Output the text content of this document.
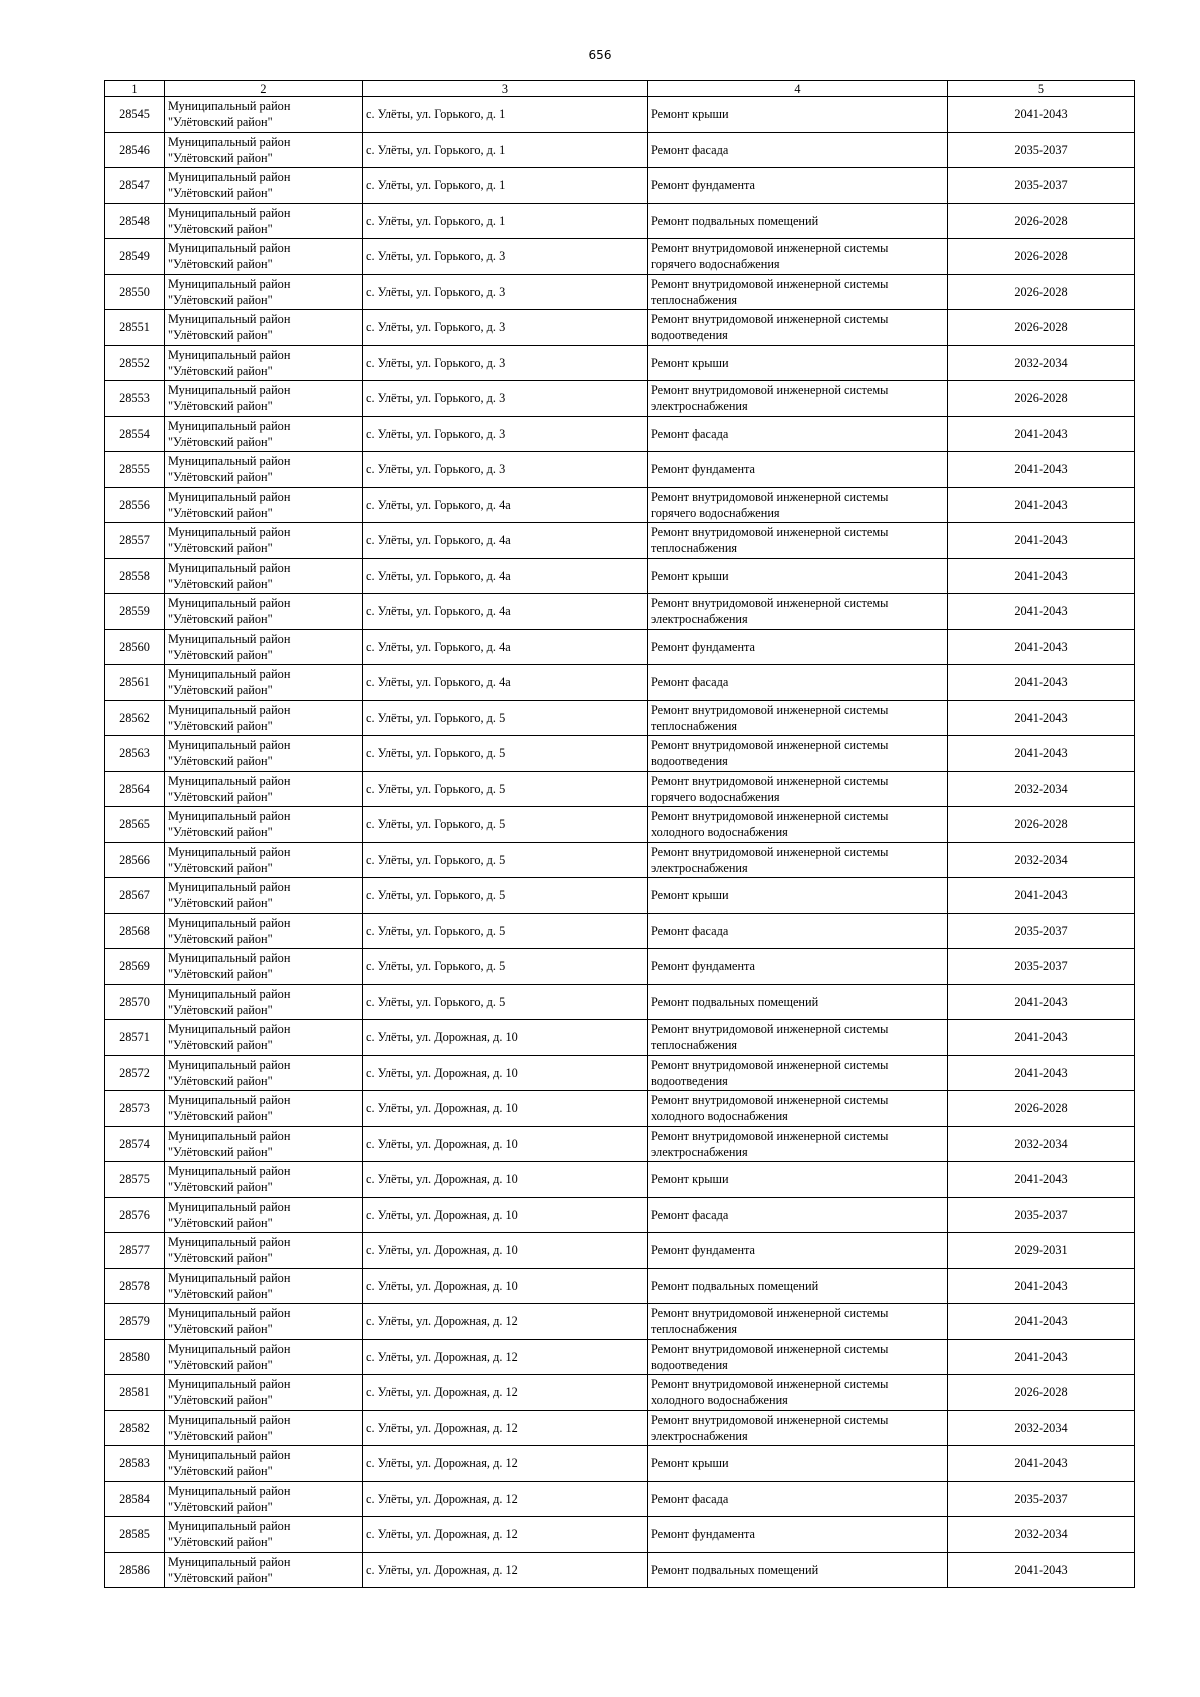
656
1	2	3	4	5
28545	Муниципальный район
"Улётовский район"	с. Улёты, ул. Горького, д. 1	Ремонт крыши	2041-2043
28546	Муниципальный район
"Улётовский район"	с. Улёты, ул. Горького, д. 1	Ремонт фасада	2035-2037
28547	Муниципальный район
"Улётовский район"	с. Улёты, ул. Горького, д. 1	Ремонт фундамента	2035-2037
28548	Муниципальный район
"Улётовский район"	с. Улёты, ул. Горького, д. 1	Ремонт подвальных помещений	2026-2028
28549	Муниципальный район
"Улётовский район"	с. Улёты, ул. Горького, д. 3	Ремонт внутридомовой инженерной системы
горячего водоснабжения	2026-2028
28550	Муниципальный район
"Улётовский район"	с. Улёты, ул. Горького, д. 3	Ремонт внутридомовой инженерной системы
теплоснабжения	2026-2028
28551	Муниципальный район
"Улётовский район"	с. Улёты, ул. Горького, д. 3	Ремонт внутридомовой инженерной системы
водоотведения	2026-2028
28552	Муниципальный район
"Улётовский район"	с. Улёты, ул. Горького, д. 3	Ремонт крыши	2032-2034
28553	Муниципальный район
"Улётовский район"	с. Улёты, ул. Горького, д. 3	Ремонт внутридомовой инженерной системы
электроснабжения	2026-2028
28554	Муниципальный район
"Улётовский район"	с. Улёты, ул. Горького, д. 3	Ремонт фасада	2041-2043
28555	Муниципальный район
"Улётовский район"	с. Улёты, ул. Горького, д. 3	Ремонт фундамента	2041-2043
28556	Муниципальный район
"Улётовский район"	с. Улёты, ул. Горького, д. 4а	Ремонт внутридомовой инженерной системы
горячего водоснабжения	2041-2043
28557	Муниципальный район
"Улётовский район"	с. Улёты, ул. Горького, д. 4а	Ремонт внутридомовой инженерной системы
теплоснабжения	2041-2043
28558	Муниципальный район
"Улётовский район"	с. Улёты, ул. Горького, д. 4а	Ремонт крыши	2041-2043
28559	Муниципальный район
"Улётовский район"	с. Улёты, ул. Горького, д. 4а	Ремонт внутридомовой инженерной системы
электроснабжения	2041-2043
28560	Муниципальный район
"Улётовский район"	с. Улёты, ул. Горького, д. 4а	Ремонт фундамента	2041-2043
28561	Муниципальный район
"Улётовский район"	с. Улёты, ул. Горького, д. 4а	Ремонт фасада	2041-2043
28562	Муниципальный район
"Улётовский район"	с. Улёты, ул. Горького, д. 5	Ремонт внутридомовой инженерной системы
теплоснабжения	2041-2043
28563	Муниципальный район
"Улётовский район"	с. Улёты, ул. Горького, д. 5	Ремонт внутридомовой инженерной системы
водоотведения	2041-2043
28564	Муниципальный район
"Улётовский район"	с. Улёты, ул. Горького, д. 5	Ремонт внутридомовой инженерной системы
горячего водоснабжения	2032-2034
28565	Муниципальный район
"Улётовский район"	с. Улёты, ул. Горького, д. 5	Ремонт внутридомовой инженерной системы
холодного водоснабжения	2026-2028
28566	Муниципальный район
"Улётовский район"	с. Улёты, ул. Горького, д. 5	Ремонт внутридомовой инженерной системы
электроснабжения	2032-2034
28567	Муниципальный район
"Улётовский район"	с. Улёты, ул. Горького, д. 5	Ремонт крыши	2041-2043
28568	Муниципальный район
"Улётовский район"	с. Улёты, ул. Горького, д. 5	Ремонт фасада	2035-2037
28569	Муниципальный район
"Улётовский район"	с. Улёты, ул. Горького, д. 5	Ремонт фундамента	2035-2037
28570	Муниципальный район
"Улётовский район"	с. Улёты, ул. Горького, д. 5	Ремонт подвальных помещений	2041-2043
28571	Муниципальный район
"Улётовский район"	с. Улёты, ул. Дорожная, д. 10	Ремонт внутридомовой инженерной системы
теплоснабжения	2041-2043
28572	Муниципальный район
"Улётовский район"	с. Улёты, ул. Дорожная, д. 10	Ремонт внутридомовой инженерной системы
водоотведения	2041-2043
28573	Муниципальный район
"Улётовский район"	с. Улёты, ул. Дорожная, д. 10	Ремонт внутридомовой инженерной системы
холодного водоснабжения	2026-2028
28574	Муниципальный район
"Улётовский район"	с. Улёты, ул. Дорожная, д. 10	Ремонт внутридомовой инженерной системы
электроснабжения	2032-2034
28575	Муниципальный район
"Улётовский район"	с. Улёты, ул. Дорожная, д. 10	Ремонт крыши	2041-2043
28576	Муниципальный район
"Улётовский район"	с. Улёты, ул. Дорожная, д. 10	Ремонт фасада	2035-2037
28577	Муниципальный район
"Улётовский район"	с. Улёты, ул. Дорожная, д. 10	Ремонт фундамента	2029-2031
28578	Муниципальный район
"Улётовский район"	с. Улёты, ул. Дорожная, д. 10	Ремонт подвальных помещений	2041-2043
28579	Муниципальный район
"Улётовский район"	с. Улёты, ул. Дорожная, д. 12	Ремонт внутридомовой инженерной системы
теплоснабжения	2041-2043
28580	Муниципальный район
"Улётовский район"	с. Улёты, ул. Дорожная, д. 12	Ремонт внутридомовой инженерной системы
водоотведения	2041-2043
28581	Муниципальный район
"Улётовский район"	с. Улёты, ул. Дорожная, д. 12	Ремонт внутридомовой инженерной системы
холодного водоснабжения	2026-2028
28582	Муниципальный район
"Улётовский район"	с. Улёты, ул. Дорожная, д. 12	Ремонт внутридомовой инженерной системы
электроснабжения	2032-2034
28583	Муниципальный район
"Улётовский район"	с. Улёты, ул. Дорожная, д. 12	Ремонт крыши	2041-2043
28584	Муниципальный район
"Улётовский район"	с. Улёты, ул. Дорожная, д. 12	Ремонт фасада	2035-2037
28585	Муниципальный район
"Улётовский район"	с. Улёты, ул. Дорожная, д. 12	Ремонт фундамента	2032-2034
28586	Муниципальный район
"Улётовский район"	с. Улёты, ул. Дорожная, д. 12	Ремонт подвальных помещений	2041-2043
